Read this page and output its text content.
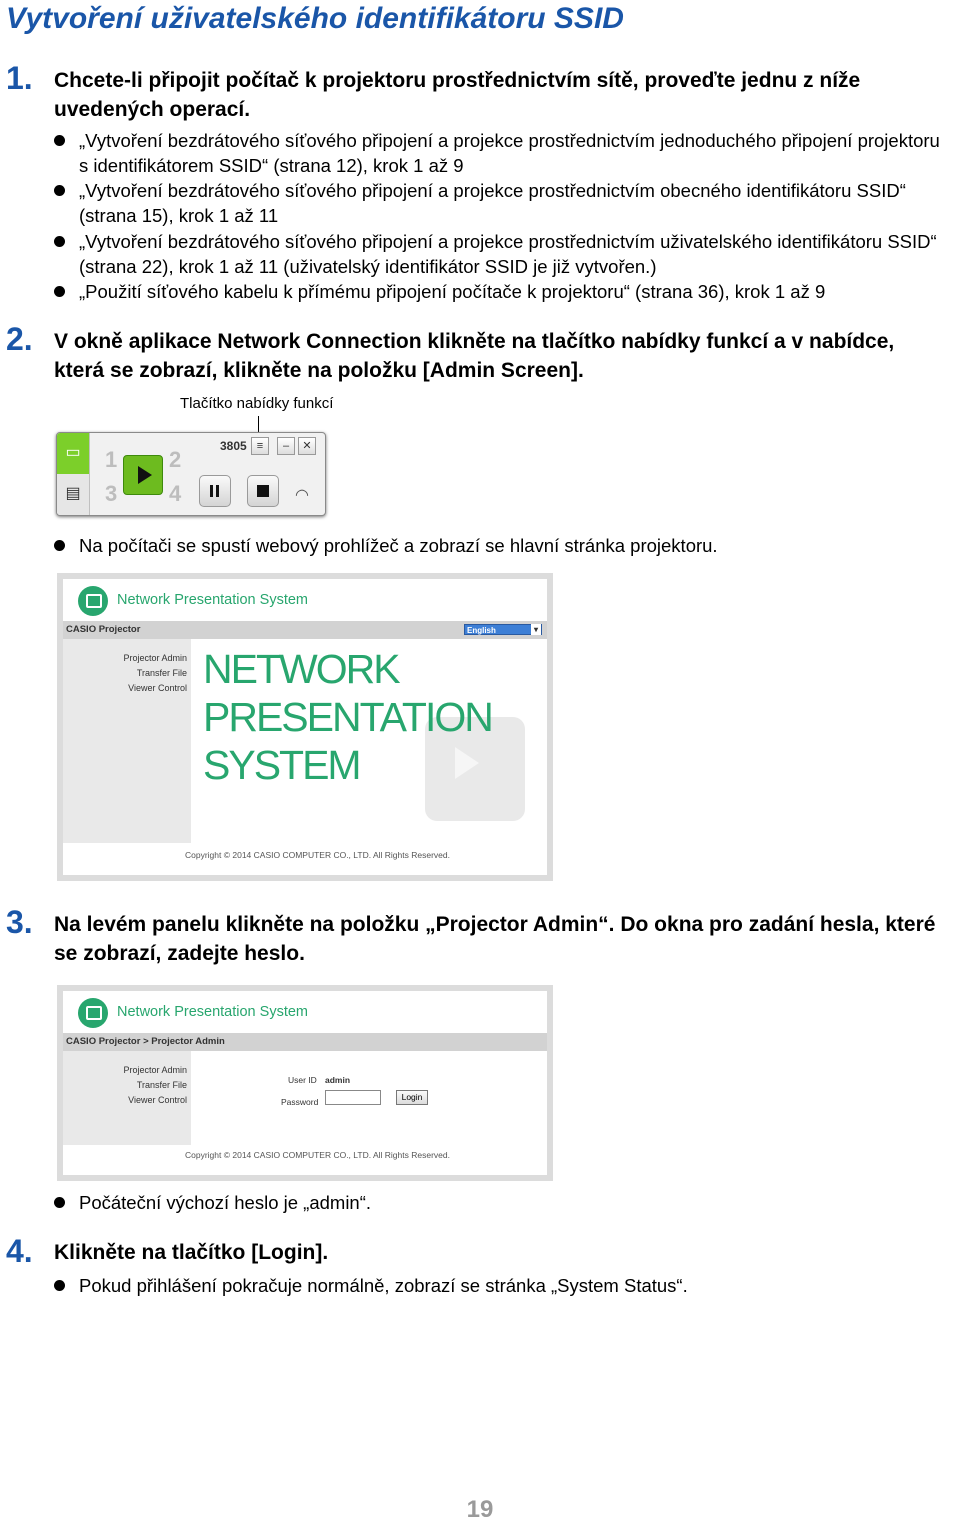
Vytvoření uživatelského identifikátoru SSID
1. Chcete-li připojit počítač k projektoru prostřednictvím sítě, proveďte jednu z níže uvedených operací.
„Vytvoření bezdrátového síťového připojení a projekce prostřednictvím jednoduchého připojení projektoru s identifikátorem SSID“ (strana 12), krok 1 až 9
„Vytvoření bezdrátového síťového připojení a projekce prostřednictvím obecného identifikátoru SSID“ (strana 15), krok 1 až 11
„Vytvoření bezdrátového síťového připojení a projekce prostřednictvím uživatelského identifikátoru SSID“ (strana 22), krok 1 až 11 (uživatelský identifikátor SSID je již vytvořen.)
„Použití síťového kabelu k přímému připojení počítače k projektoru“ (strana 36), krok 1 až 9
2. V okně aplikace Network Connection klikněte na tlačítko nabídky funkcí a v nabídce, která se zobrazí, klikněte na položku [Admin Screen].
Tlačítko nabídky funkcí
▭
▤
1 2
3 4
3805 ≡	–	✕
◠
Na počítači se spustí webový prohlížeč a zobrazí se hlavní stránka projektoru.
Network Presentation System
CASIO Projector	English	▾
Projector Admin
Transfer File
Viewer Control NETWORK
PRESENTATION
SYSTEM
Copyright © 2014 CASIO COMPUTER CO., LTD. All Rights Reserved.
3. Na levém panelu klikněte na položku „Projector Admin“. Do okna pro zadání hesla, které se zobrazí, zadejte heslo.
Network Presentation System
CASIO Projector > Projector Admin
Projector Admin
Transfer File
Viewer Control
User ID admin
Password	Login
Copyright © 2014 CASIO COMPUTER CO., LTD. All Rights Reserved.
Počáteční výchozí heslo je „admin“.
4. Klikněte na tlačítko [Login].
Pokud přihlášení pokračuje normálně, zobrazí se stránka „System Status“.
19
